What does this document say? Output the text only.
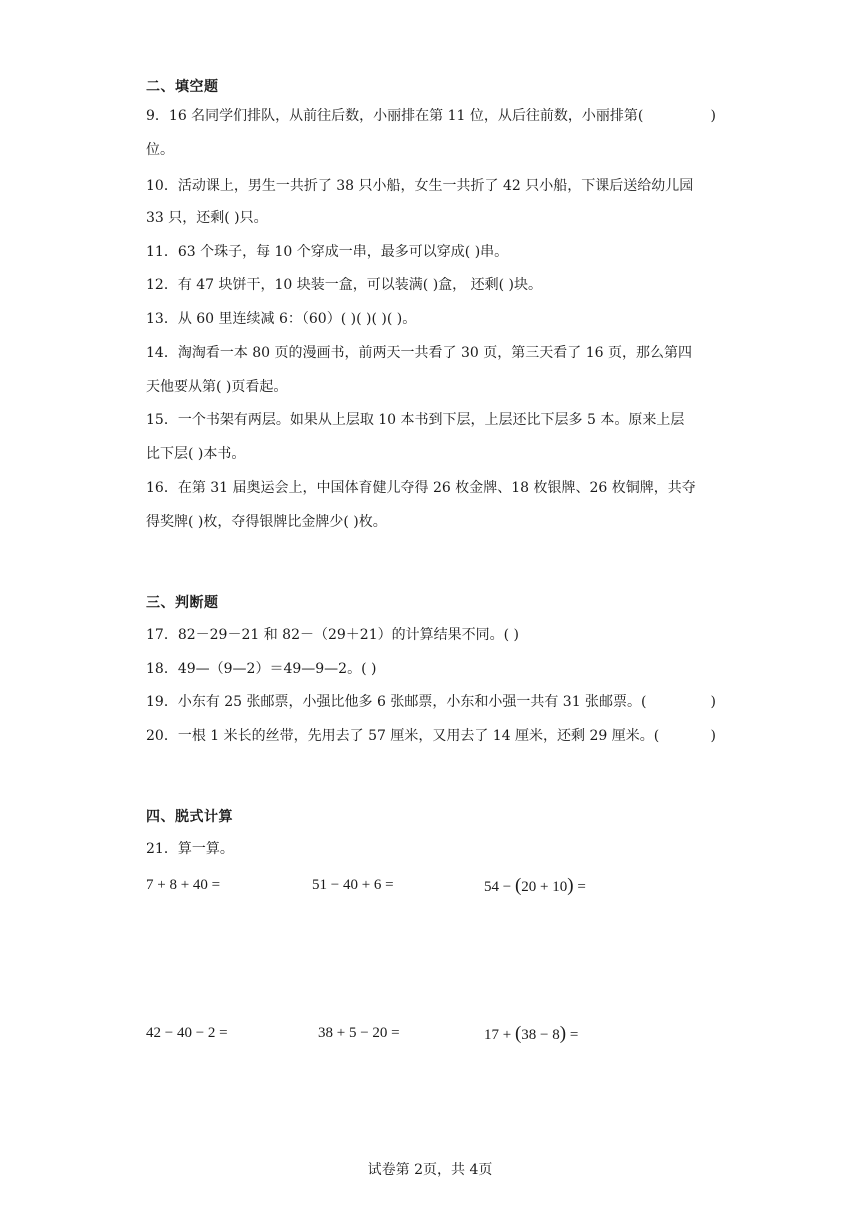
二、填空题
9．16 名同学们排队，从前往后数，小丽排在第 11 位，从后往前数，小丽排第(	)
位。
10．活动课上，男生一共折了 38 只小船，女生一共折了 42 只小船，下课后送给幼儿园
33 只，还剩( )只。
11．63 个珠子，每 10 个穿成一串，最多可以穿成( )串。
12．有 47 块饼干，10 块装一盒，可以装满( )盒， 还剩( )块。
13．从 60 里连续减 6：（60）( )( )( )( )。
14．淘淘看一本 80 页的漫画书，前两天一共看了 30 页，第三天看了 16 页，那么第四
天他要从第( )页看起。
15．一个书架有两层。如果从上层取 10 本书到下层，上层还比下层多 5 本。原来上层
比下层( )本书。
16．在第 31 届奥运会上，中国体育健儿夺得 26 枚金牌、18 枚银牌、26 枚铜牌，共夺
得奖牌( )枚，夺得银牌比金牌少( )枚。
三、判断题
17．82－29－21 和 82－（29＋21）的计算结果不同。( )
18．49—（9—2）＝49—9—2。( )
19．小东有 25 张邮票，小强比他多 6 张邮票，小东和小强一共有 31 张邮票。(	)
20．一根 1 米长的丝带，先用去了 57 厘米，又用去了 14 厘米，还剩 29 厘米。(	)
四、脱式计算
21．算一算。
7 + 8 + 40 =	51 − 40 + 6 =	54 − (20 + 10) =
42 − 40 − 2 =	38 + 5 − 20 =	17 + (38 − 8) =
试卷第 2页，共 4页
